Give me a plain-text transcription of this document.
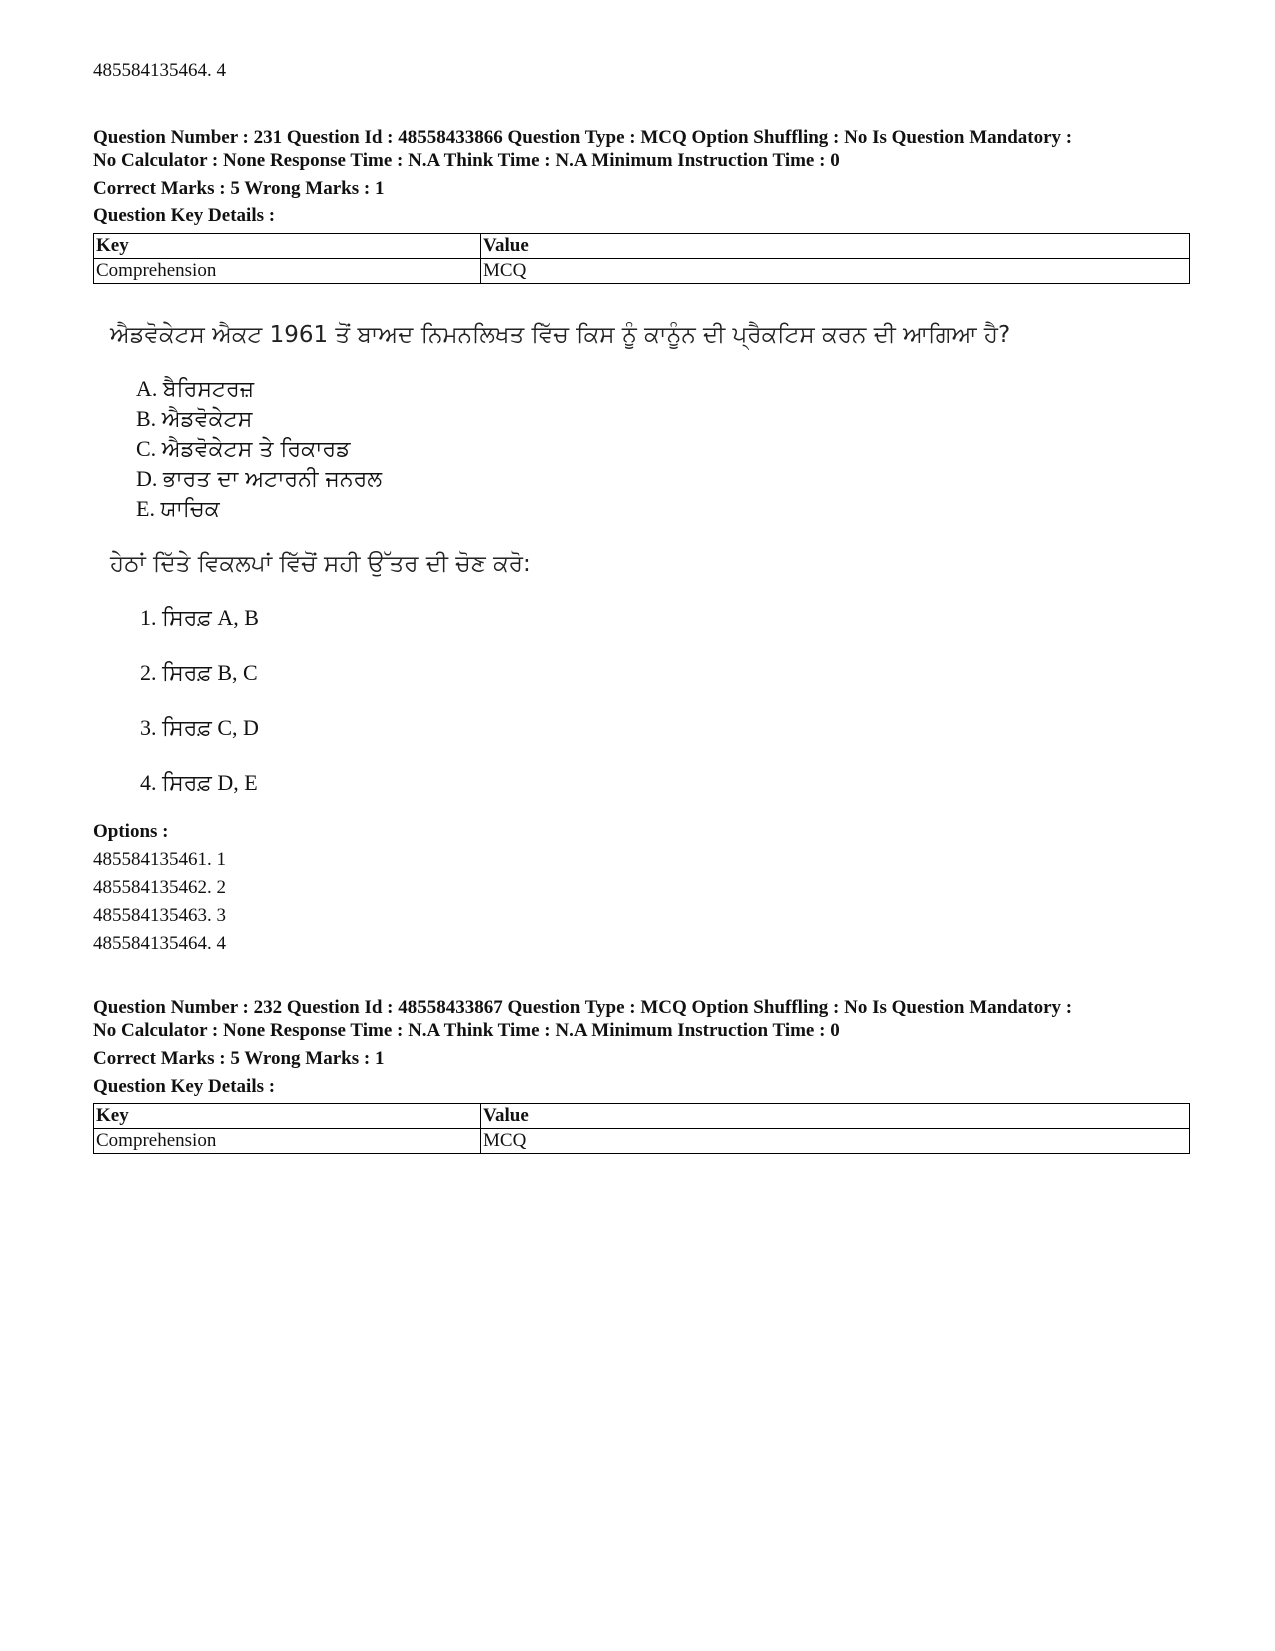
485584135464. 4
Question Number : 231 Question Id : 48558433866 Question Type : MCQ Option Shuffling : No Is Question Mandatory :
No Calculator : None Response Time : N.A Think Time : N.A Minimum Instruction Time : 0
Correct Marks : 5 Wrong Marks : 1
Question Key Details :
Key	Value
Comprehension	MCQ
ਐਡਵੋਕੇਟਸ ਐਕਟ 1961 ਤੋਂ ਬਾਅਦ ਨਿਮਨਲਿਖਤ ਵਿੱਚ ਕਿਸ ਨੂੰ ਕਾਨੂੰਨ ਦੀ ਪ੍ਰੈਕਟਿਸ ਕਰਨ ਦੀ ਆਗਿਆ ਹੈ?
A. ਬੈਰਿਸਟਰਜ਼
B. ਐਡਵੋਕੇਟਸ
C. ਐਡਵੋਕੇਟਸ ਤੇ ਰਿਕਾਰਡ
D. ਭਾਰਤ ਦਾ ਅਟਾਰਨੀ ਜਨਰਲ
E. ਯਾਚਿਕ
ਹੇਠਾਂ ਦਿੱਤੇ ਵਿਕਲਪਾਂ ਵਿੱਚੋਂ ਸਹੀ ਉੱਤਰ ਦੀ ਚੋਣ ਕਰੋ:
1. ਸਿਰਫ਼ A, B
2. ਸਿਰਫ਼ B, C
3. ਸਿਰਫ਼ C, D
4. ਸਿਰਫ਼ D, E
Options :
485584135461. 1
485584135462. 2
485584135463. 3
485584135464. 4
Question Number : 232 Question Id : 48558433867 Question Type : MCQ Option Shuffling : No Is Question Mandatory :
No Calculator : None Response Time : N.A Think Time : N.A Minimum Instruction Time : 0
Correct Marks : 5 Wrong Marks : 1
Question Key Details :
Key	Value
Comprehension	MCQ
